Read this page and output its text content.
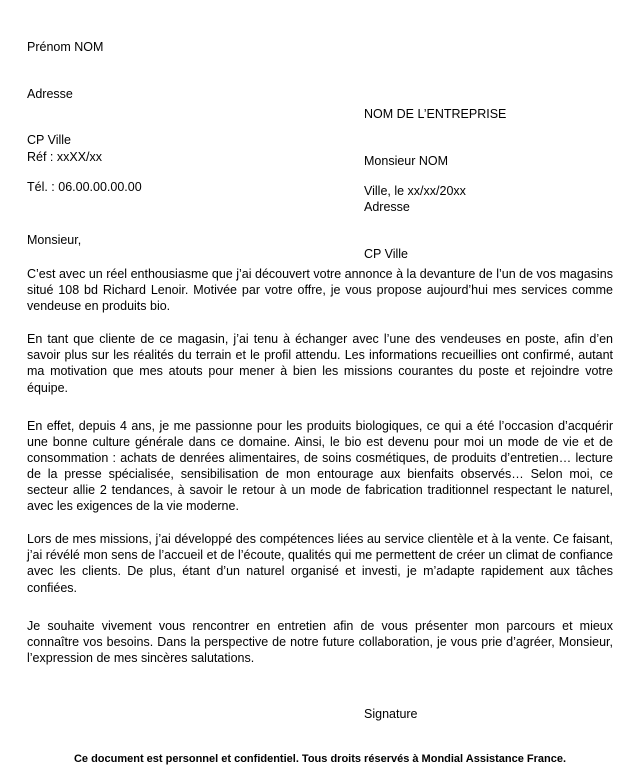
Prénom NOM

Adresse

CP Ville

Tél. : 06.00.00.00.00

NOM DE L’ENTREPRISE

Monsieur NOM

Adresse

CP Ville

Réf : xxXX/xx
Ville, le xx/xx/20xx

Monsieur,

C’est avec un réel enthousiasme que j’ai découvert votre annonce à la devanture de l’un de vos magasins situé 108 bd Richard Lenoir. Motivée par votre offre, je vous propose aujourd’hui mes services comme vendeuse en produits bio.

En tant que cliente de ce magasin, j’ai tenu à échanger avec l’une des vendeuses en poste, afin d’en savoir plus sur les réalités du terrain et le profil attendu. Les informations recueillies ont confirmé, autant ma motivation que mes atouts pour mener à bien les missions courantes du poste et rejoindre votre équipe.

En effet, depuis 4 ans, je me passionne pour les produits biologiques, ce qui a été l’occasion d’acquérir une bonne culture générale dans ce domaine. Ainsi, le bio est devenu pour moi un mode de vie et de consommation : achats de denrées alimentaires, de soins cosmétiques, de produits d’entretien… lecture de la presse spécialisée, sensibilisation de mon entourage aux bienfaits observés… Selon moi, ce secteur allie 2 tendances, à savoir le retour à un mode de fabrication traditionnel respectant le naturel, avec les exigences de la vie moderne.

Lors de mes missions, j’ai développé des compétences liées au service clientèle et à la vente. Ce faisant, j’ai révélé mon sens de l’accueil et de l’écoute, qualités qui me permettent de créer un climat de confiance avec les clients. De plus, étant d’un naturel organisé et investi, je m’adapte rapidement aux tâches confiées.

Je souhaite vivement vous rencontrer en entretien afin de vous présenter mon parcours et mieux connaître vos besoins. Dans la perspective de notre future collaboration, je vous prie d’agréer, Monsieur, l’expression de mes sincères salutations.

Signature
Ce document est personnel et confidentiel. Tous droits réservés à Mondial Assistance France.
